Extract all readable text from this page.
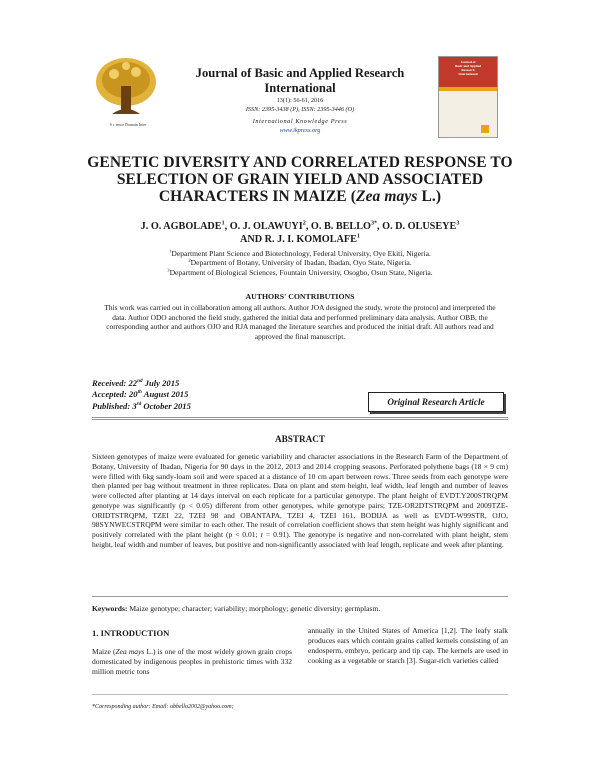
S c ience Domain Inter
Journal of
Basic and Applied
Research
International
Journal of Basic and Applied Research
International
13(1): 56-61, 2016
ISSN: 2395-3438 (P), ISSN: 2395-3446 (O)
International Knowledge Press
www.ikpress.org
GENETIC DIVERSITY AND CORRELATED RESPONSE TO
SELECTION OF GRAIN YIELD AND ASSOCIATED
CHARACTERS IN MAIZE (Zea mays L.)
J. O. AGBOLADE$^1$, O. J. OLAWUYI$^2$, O. B. $BELLO^{3*}$, O. D. OLUSEYE$^3$
AND R. J. I. KOMOLAFE$^1$
$^1$Department Plant Science and Biotechnology, Federal University, Oye Ekiti, Nigeria.
$^2$Department of Botany, University of Ibadan, Ibadan, Oyo State, Nigeria.
$^3$Department of Biological Sciences, Fountain University, Osogbo, Osun State, Nigeria.
AUTHORS' CONTRIBUTIONS
This work was carried out in collaboration among all authors. Author JOA designed the study, wrote the protocol and interpreted the data. Author ODO anchored the field study, gathered the initial data and performed preliminary data analysis. Author OBB, the corresponding author and authors OJO and RJA managed the literature searches and produced the initial draft. All authors read and approved the final manuscript.
Received: 22nd July 2015
Accepted: 20th August 2015
Published: 3rd October 2015	Original Research Article
ABSTRACT
Sixteen genotypes of maize were evaluated for genetic variability and character associations in the Research Farm of the Department of Botany, University of Ibadan, Nigeria for 90 days in the 2012, 2013 and 2014 cropping seasons. Perforated polythene bags (18 × 9 cm) were filled with 6kg sandy-loam soil and were spaced at a distance of 10 cm apart between rows. Three seeds from each genotype were then planted per bag without treatment in three replicates. Data on plant and stem height, leaf width, leaf length and number of leaves were collected after planting at 14 days interval on each replicate for a particular genotype. The plant height of EVDT.Y200STRQPM genotype was significantly (p < 0.05) different from other genotypes, while genotype pairs; TZE-OR2DTSTRQPM and 2009TZE-ORIDTSTRQPM, TZEI 22, TZEI 98 and OBANTAPA, TZEI 4, TZEI 161, BODIJA as well as EVDT-W99STR, OJO, 98SYNWECSTRQPM were similar to each other. The result of correlation coefficient shows that stem height was highly significant and positively correlated with the plant height (p < 0.01; r = 0.91). The genotype is negative and non-correlated with plant height, stem height, leaf width and number of leaves, but positive and non-significantly associated with leaf length, replicate and week after planting.
Keywords: Maize genotype; character; variability; morphology; genetic diversity; germplasm.
1. INTRODUCTION
Maize (Zea mays L.) is one of the most widely grown grain crops domesticated by indigenous peoples in prehistoric times with 332 million metric tons
annually in the United States of America [1,2]. The leafy stalk produces ears which contain grains called kernels consisting of an endosperm, embryo, pericarp and tip cap. The kernels are used in cooking as a vegetable or starch [3]. Sugar-rich varieties called
*Corresponding author: Email: obbello2002@yahoo.com;
